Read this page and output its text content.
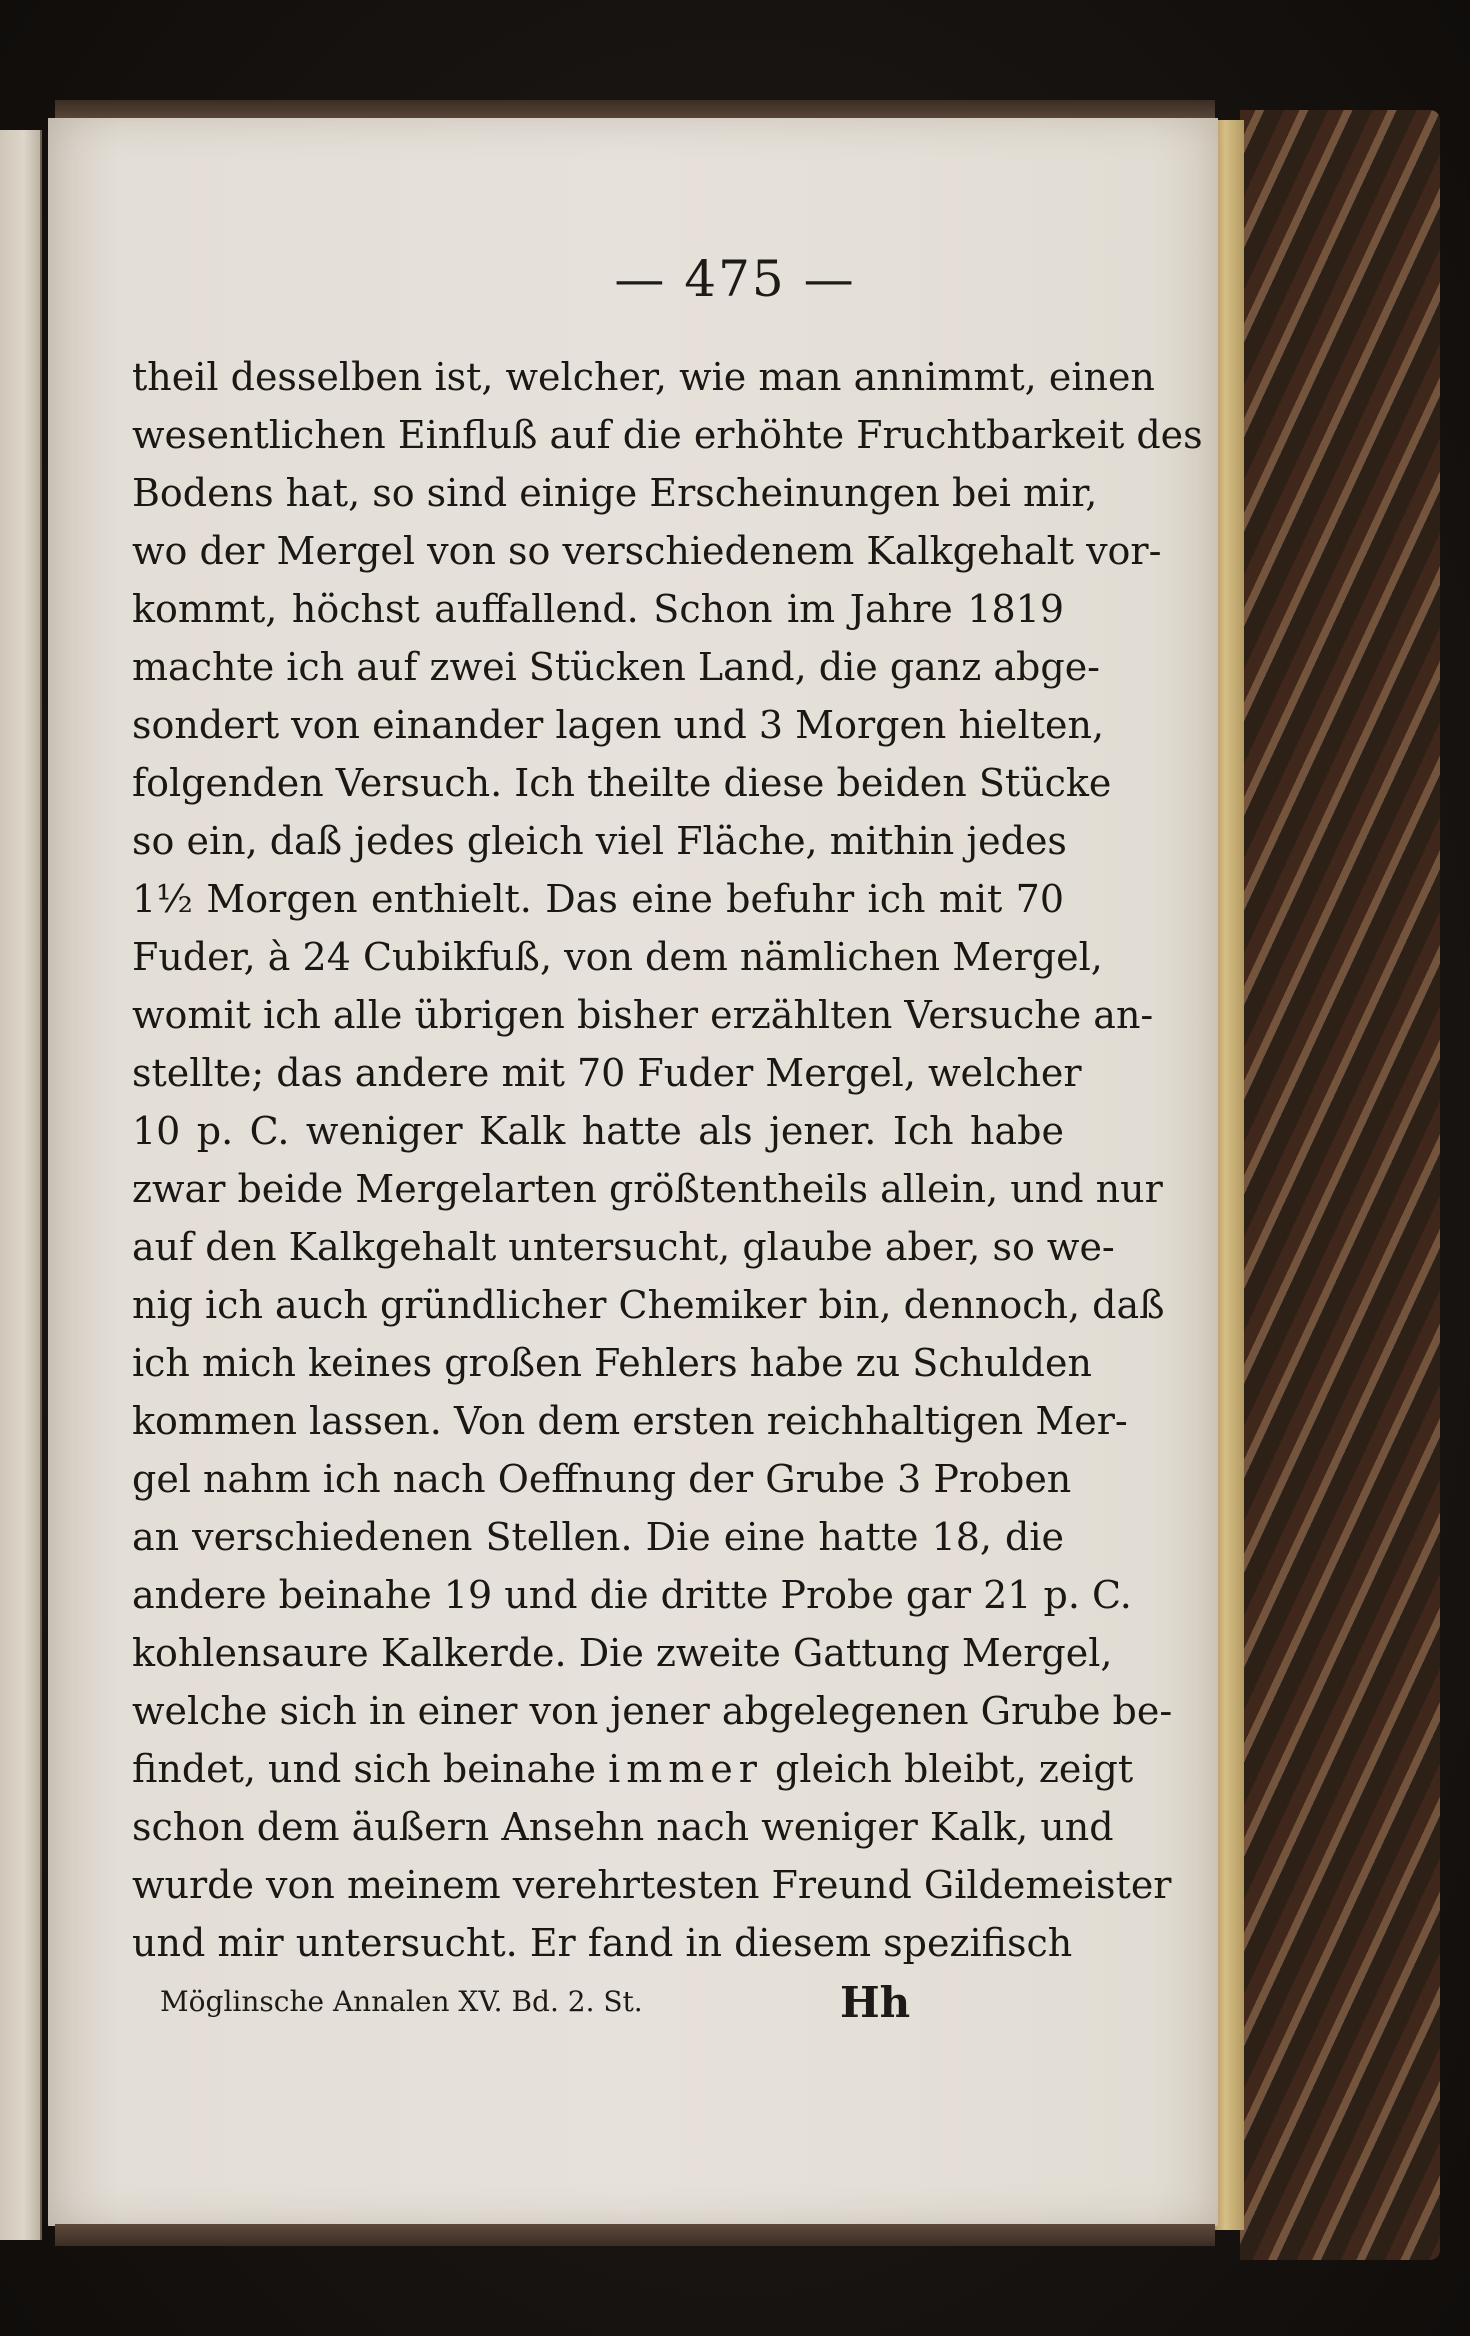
— 475 —
theil desselben ist, welcher, wie man annimmt, einen
wesentlichen Einfluß auf die erhöhte Fruchtbarkeit des
Bodens hat, so sind einige Erscheinungen bei mir,
wo der Mergel von so verschiedenem Kalkgehalt vor-
kommt, höchst auffallend. Schon im Jahre 1819
machte ich auf zwei Stücken Land, die ganz abge-
sondert von einander lagen und 3 Morgen hielten,
folgenden Versuch. Ich theilte diese beiden Stücke
so ein, daß jedes gleich viel Fläche, mithin jedes
1½ Morgen enthielt. Das eine befuhr ich mit 70
Fuder, à 24 Cubikfuß, von dem nämlichen Mergel,
womit ich alle übrigen bisher erzählten Versuche an-
stellte; das andere mit 70 Fuder Mergel, welcher
10 p. C. weniger Kalk hatte als jener. Ich habe
zwar beide Mergelarten größtentheils allein, und nur
auf den Kalkgehalt untersucht, glaube aber, so we-
nig ich auch gründlicher Chemiker bin, dennoch, daß
ich mich keines großen Fehlers habe zu Schulden
kommen lassen. Von dem ersten reichhaltigen Mer-
gel nahm ich nach Oeffnung der Grube 3 Proben
an verschiedenen Stellen. Die eine hatte 18, die
andere beinahe 19 und die dritte Probe gar 21 p. C.
kohlensaure Kalkerde. Die zweite Gattung Mergel,
welche sich in einer von jener abgelegenen Grube be-
findet, und sich beinahe immer gleich bleibt, zeigt
schon dem äußern Ansehn nach weniger Kalk, und
wurde von meinem verehrtesten Freund Gildemeister
und mir untersucht. Er fand in diesem spezifisch
Möglinsche Annalen XV. Bd. 2. St.	Hh
